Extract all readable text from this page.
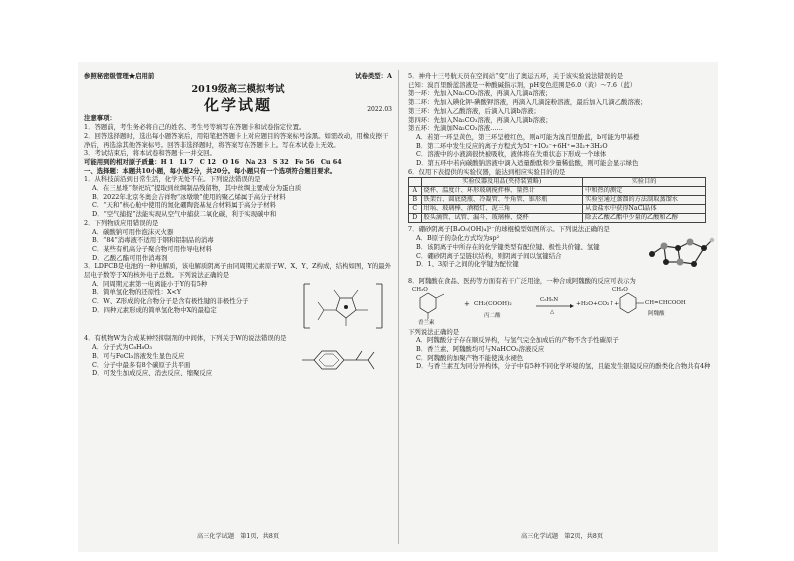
参照秘密级管理★启用前	试卷类型：A
2019级高三模拟考试
化学试题	2022.03
注意事项：
1．答题前，考生务必将自己的姓名、考生号等填写在答题卡和试卷指定位置。
2．回答选择题时，选出每小题答案后，用铅笔把答题卡上对应题目的答案标号涂黑。如需改动，用橡皮擦干净后，再选涂其他答案标号。回答非选择题时，将答案写在答题卡上。写在本试卷上无效。
3．考试结束后，将本试卷和答题卡一并交回。
可能用到的相对原子质量：H 1　Li 7　C 12　O 16　Na 23　S 32　Fe 56　Cu 64
一、选择题：本题共10小题，每小题2分，共20分。每小题只有一个选项符合题目要求。
1．从科技前沿到日常生活，化学无处不在。下列说法错误的是
A．在三星堆“祭祀坑”提取到丝绸制品残留物，其中丝绸主要成分为蛋白质
B．2022年北京冬奥会吉祥物“冰墩墩”使用的聚乙烯属于高分子材料
C．“天和”核心舱中使用的氮化硼陶瓷基复合材料属于高分子材料
D．“空气捕捉”法能实现从空气中捕获二氧化碳，利于实现碳中和
2．下列物质应用错误的是
A．碳酸钠可用作泡沫灭火器
B．“84”消毒液不适用于钢和铝制品的消毒
C．某些有机高分子聚合物可用作导电材料
D．乙酸乙酯可用作消毒剂
3．LDFCB是电池的一种电解质，该电解质阴离子由同周期元素原子W、X、Y、Z构成，结构如图，Y的最外层电子数等于X的核外电子总数。下列说法正确的是
A．同周期元素第一电离能小于Y的有5种
B．简单氢化物的还原性：X<Y
C．W、Z形成的化合物分子是含有极性键的非极性分子
D．四种元素形成的简单氢化物中X的最稳定
4．有机物W为合成某神经抑制剂的中间体，下列关于W的说法错误的是
A．分子式为C₈H₈O₃
B．可与FeCl₃溶液发生显色反应
C．分子中最多有8个碳原子共平面
D．可发生加成反应、消去反应、缩聚反应
高三化学试题　第1页，共8页
5．神舟十三号航天员在空间站“变”出了奥运五环，关于该实验说法错误的是
已知：溴百里酚蓝溶液是一种酸碱指示剂，pH变色范围是6.0（黄）～7.6（蓝）
第一环：先加入Na₂CO₃溶液，再滴入几滴a溶液；
第二环：先加入碘化钾-碘酸钾溶液，再滴入几滴淀粉溶液，最后加入几滴乙酸溶液；
第三环：先加入乙酸溶液，后滴入几滴b溶液；
第四环：先加入Na₂CO₃溶液，再滴入几滴b溶液；
第五环：先滴加Na₂CO₃溶液……
A．若第一环呈黄色，第三环呈橙红色，则a可能为溴百里酚蓝，b可能为甲基橙
B．第二环中发生反应的离子方程式为5I⁻+IO₃⁻+6H⁺=3I₂+3H₂O
C．溶液中的小液滴很快被吸收，液体将在失重状态下形成一个球体
D．第五环中若向碳酸钠溶液中滴入适量酚酞和少量稀盐酸，则可能会显示绿色
6．仅用下表提供的实验仪器，能达到相应实验目的的是
	实验仪器及用品(夹持装置略)	实验目的
A	烧杯、温度计、环形玻璃搅拌棒、量热计	中和热的测定
B	铁架台、圆底烧瓶、冷凝管、牛角管、锥形瓶	实验室通过蒸馏的方法制取蒸馏水
C	坩埚、玻璃棒、酒精灯、泥三角	从食盐水中获得NaCl晶体
D	胶头滴管、试管、漏斗、玻璃棒、烧杯	除去乙酸乙酯中少量的乙酸和乙醇
7．硼砂阴离子[B₄O₅(OH)₄]²⁻的球棍模型如图所示。下列说法正确的是
A．B原子的杂化方式均为sp²
B．该阴离子中所存在的化学键类型有配位键、极性共价键、氢键
C．硼砂阴离子呈链状结构，则阴离子间以氢键结合
D．1、3原子之间的化学键为配位键
8．阿魏酸在食品、医药等方面有若干广泛用途，一种合成阿魏酸的反应可表示为
CH₃O
香兰素
+ CH₂(COOH)₂
丙二酸
C₅H₅N
△
+H₂O+CO₂↑+
CH₃O
CH=CHCOOH
阿魏酸
下列说法正确的是
A．阿魏酸分子存在顺反异构，与氢气完全加成后的产物不含手性碳原子
B．香兰素、阿魏酸均可与NaHCO₃溶液反应
C．阿魏酸的加聚产物不能使溴水褪色
D．与香兰素互为同分异构体，分子中有5种不同化学环境的氢，且能发生银镜反应的酚类化合物共有4种
高三化学试题　第2页，共8页
